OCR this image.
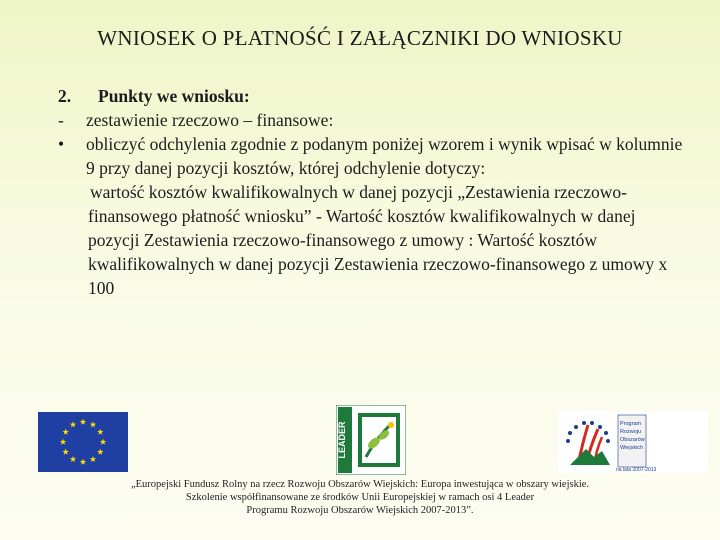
WNIOSEK O PŁATNOŚĆ I ZAŁĄCZNIKI DO WNIOSKU
2.	Punkty we wniosku:
-	zestawienie rzeczowo – finansowe:
•	obliczyć odchylenia zgodnie z podanym poniżej wzorem i wynik wpisać w kolumnie 9 przy danej pozycji kosztów, której odchylenie dotyczy:
wartość kosztów kwalifikowalnych w danej pozycji „Zestawienia rzeczowo-finansowego płatność wniosku” - Wartość kosztów kwalifikowalnych w danej pozycji Zestawienia rzeczowo-finansowego z umowy : Wartość kosztów kwalifikowalnych w danej pozycji Zestawienia rzeczowo-finansowego z umowy x 100
LEADER	Program
Rozwoju
Obszarów
Wiejskich
na lata 2007-2013
„Europejski Fundusz Rolny na rzecz Rozwoju Obszarów Wiejskich: Europa inwestująca w obszary wiejskie.
Szkolenie współfinansowane ze środków Unii Europejskiej w ramach osi 4 Leader
Programu Rozwoju Obszarów Wiejskich 2007-2013”.
